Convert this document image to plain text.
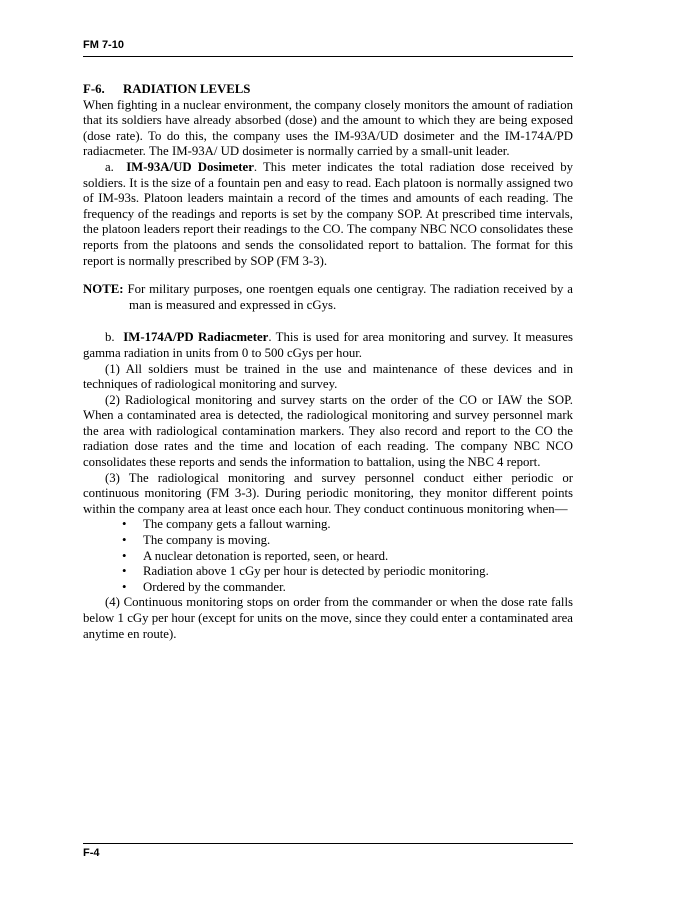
FM 7-10

F-6. RADIATION LEVELS

When fighting in a nuclear environment, the company closely monitors the amount of radiation that its soldiers have already absorbed (dose) and the amount to which they are being exposed (dose rate). To do this, the company uses the IM-93A/UD dosimeter and the IM-174A/PD radiacmeter. The IM-93A/ UD dosimeter is normally carried by a small-unit leader.

a. IM-93A/UD Dosimeter. This meter indicates the total radiation dose received by soldiers. It is the size of a fountain pen and easy to read. Each platoon is normally assigned two of IM-93s. Platoon leaders maintain a record of the times and amounts of each reading. The frequency of the readings and reports is set by the company SOP. At prescribed time intervals, the platoon leaders report their readings to the CO. The company NBC NCO consolidates these reports from the platoons and sends the consolidated report to battalion. The format for this report is normally prescribed by SOP (FM 3-3).

NOTE: For military purposes, one roentgen equals one centigray. The radiation received by a man is measured and expressed in cGys.

b. IM-174A/PD Radiacmeter. This is used for area monitoring and survey. It measures gamma radiation in units from 0 to 500 cGys per hour.

(1) All soldiers must be trained in the use and maintenance of these devices and in techniques of radiological monitoring and survey.

(2) Radiological monitoring and survey starts on the order of the CO or IAW the SOP. When a contaminated area is detected, the radiological monitoring and survey personnel mark the area with radiological contamination markers. They also record and report to the CO the radiation dose rates and the time and location of each reading. The company NBC NCO consolidates these reports and sends the information to battalion, using the NBC 4 report.

(3) The radiological monitoring and survey personnel conduct either periodic or continuous monitoring (FM 3-3). During periodic monitoring, they monitor different points within the company area at least once each hour. They conduct continuous monitoring when—

• The company gets a fallout warning.
• The company is moving.
• A nuclear detonation is reported, seen, or heard.
• Radiation above 1 cGy per hour is detected by periodic monitoring.
• Ordered by the commander.

(4) Continuous monitoring stops on order from the commander or when the dose rate falls below 1 cGy per hour (except for units on the move, since they could enter a contaminated area anytime en route).

F-4
